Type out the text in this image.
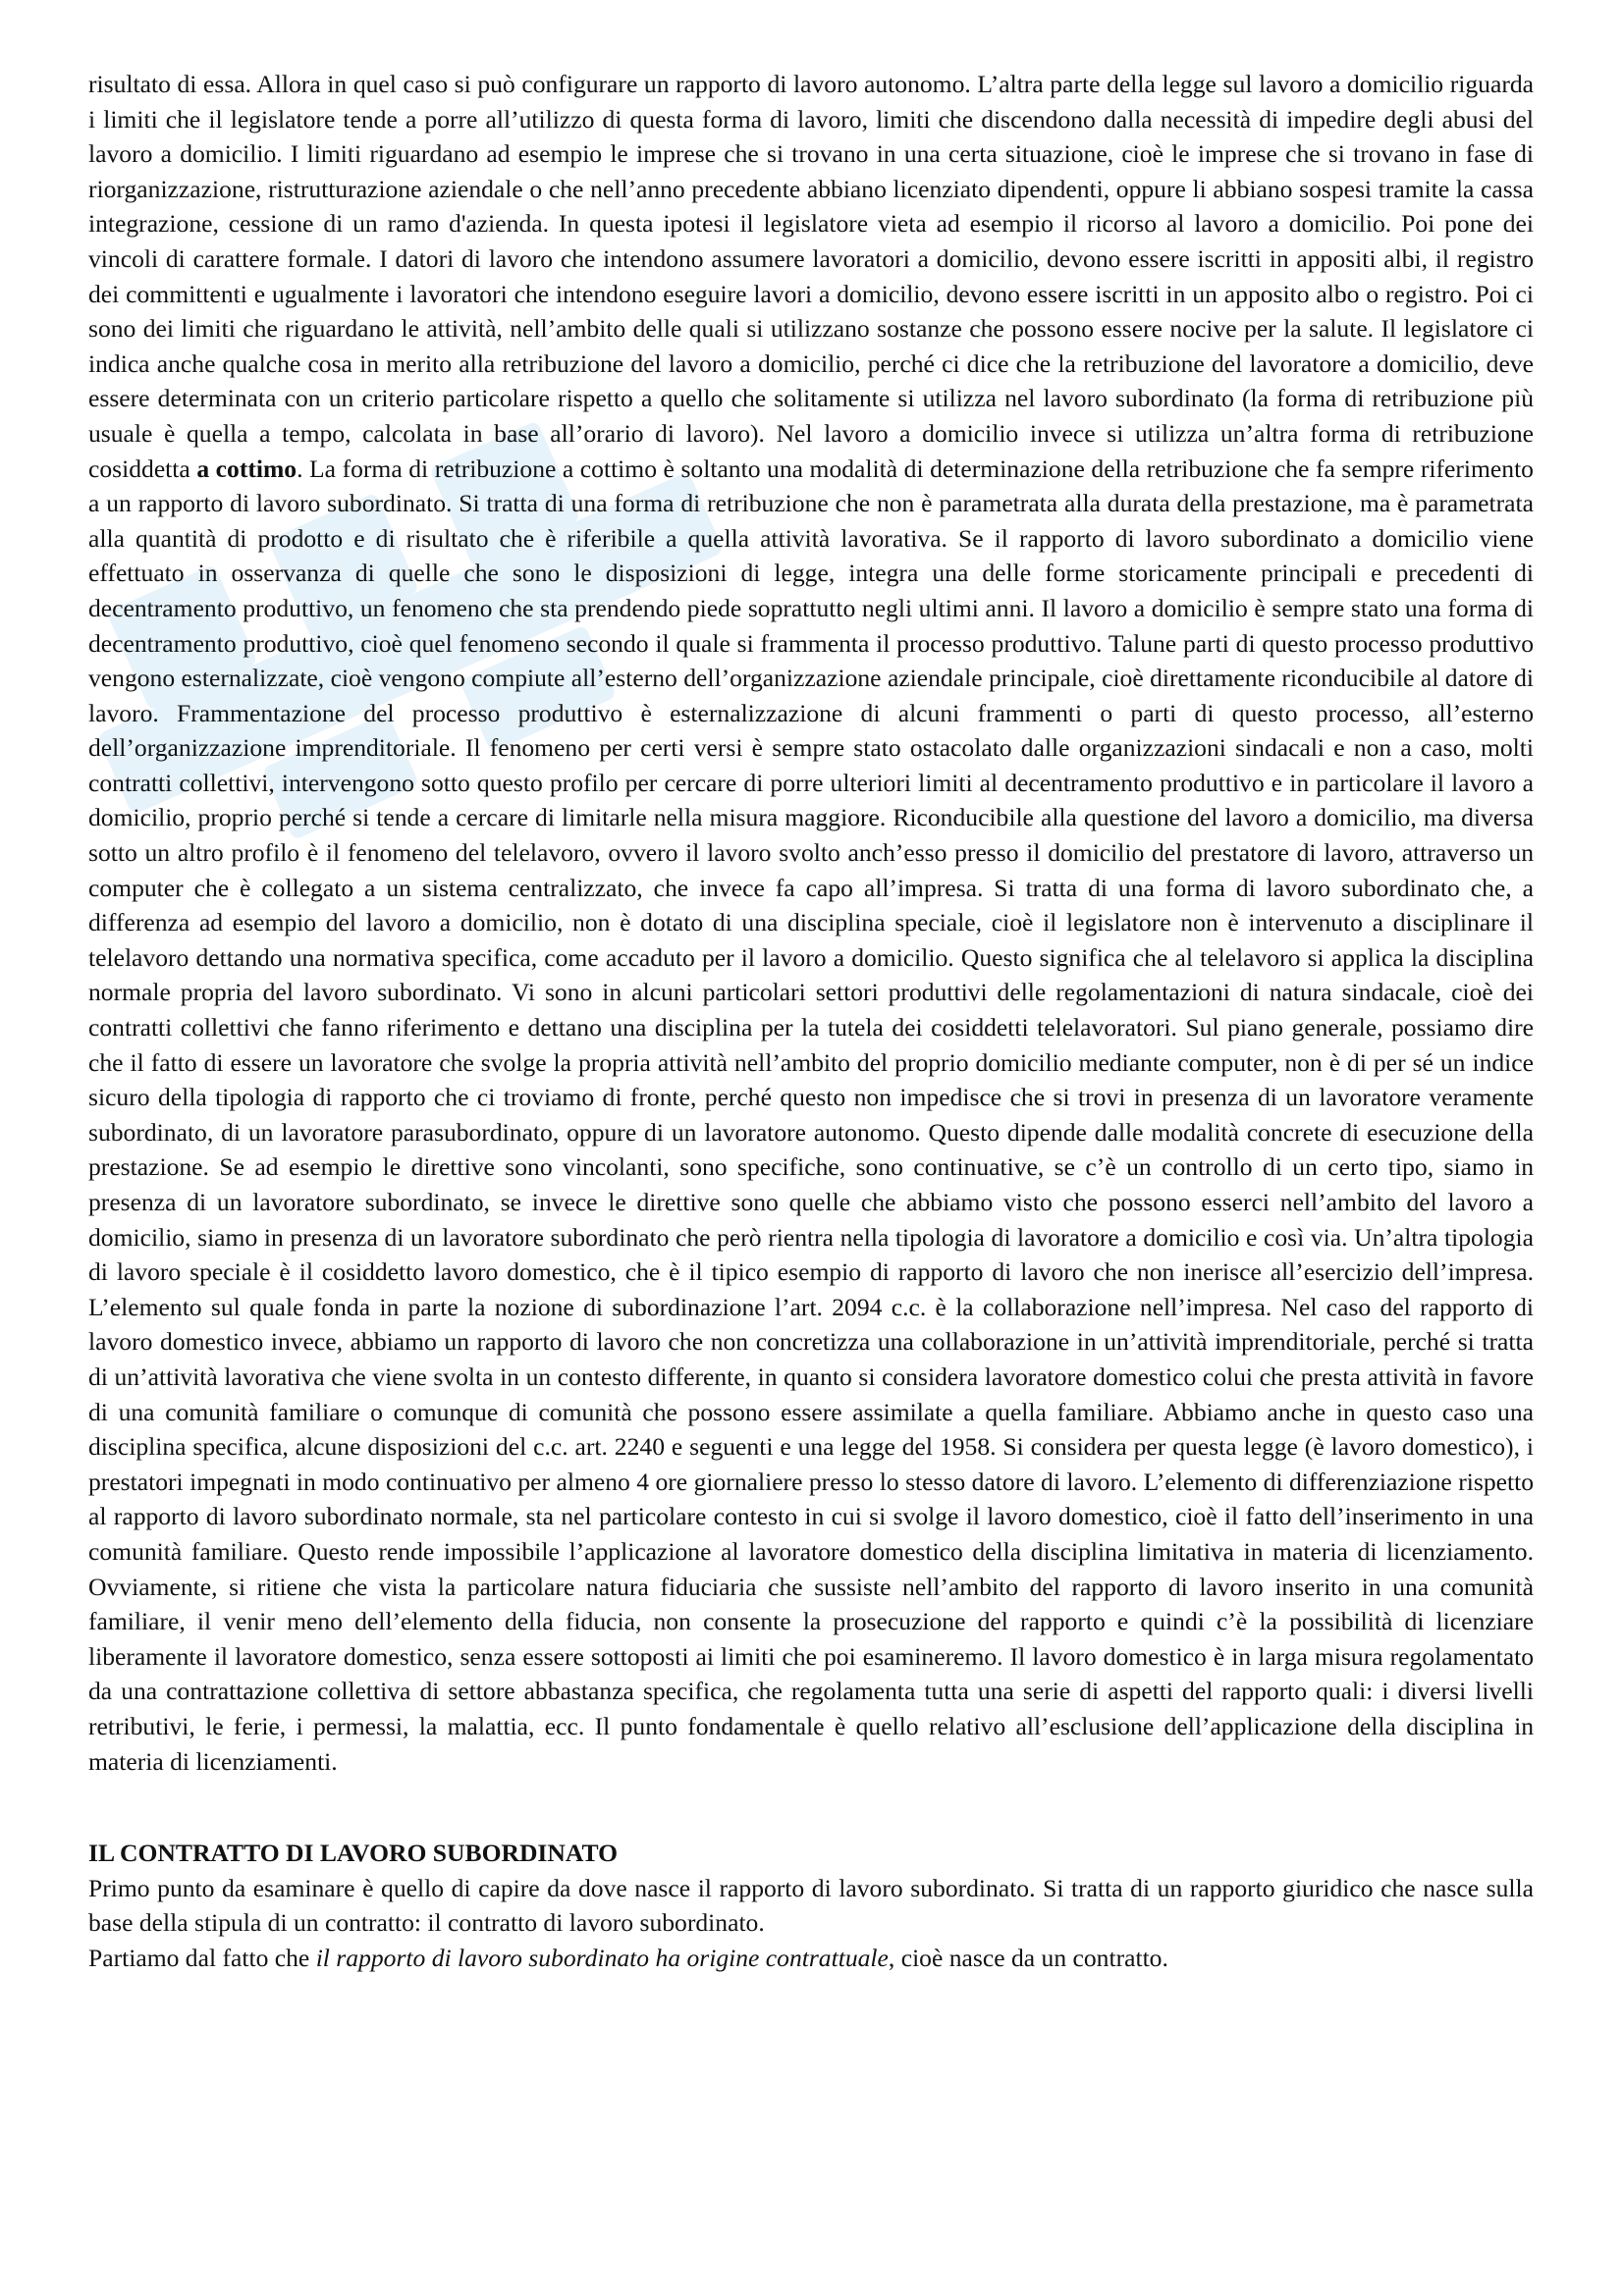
risultato di essa. Allora in quel caso si può configurare un rapporto di lavoro autonomo. L’altra parte della legge sul lavoro a domicilio riguarda i limiti che il legislatore tende a porre all’utilizzo di questa forma di lavoro, limiti che discendono dalla necessità di impedire degli abusi del lavoro a domicilio. I limiti riguardano ad esempio le imprese che si trovano in una certa situazione, cioè le imprese che si trovano in fase di riorganizzazione, ristrutturazione aziendale o che nell’anno precedente abbiano licenziato dipendenti, oppure li abbiano sospesi tramite la cassa integrazione, cessione di un ramo d'azienda. In questa ipotesi il legislatore vieta ad esempio il ricorso al lavoro a domicilio. Poi pone dei vincoli di carattere formale. I datori di lavoro che intendono assumere lavoratori a domicilio, devono essere iscritti in appositi albi, il registro dei committenti e ugualmente i lavoratori che intendono eseguire lavori a domicilio, devono essere iscritti in un apposito albo o registro. Poi ci sono dei limiti che riguardano le attività, nell’ambito delle quali si utilizzano sostanze che possono essere nocive per la salute. Il legislatore ci indica anche qualche cosa in merito alla retribuzione del lavoro a domicilio, perché ci dice che la retribuzione del lavoratore a domicilio, deve essere determinata con un criterio particolare rispetto a quello che solitamente si utilizza nel lavoro subordinato (la forma di retribuzione più usuale è quella a tempo, calcolata in base all’orario di lavoro). Nel lavoro a domicilio invece si utilizza un’altra forma di retribuzione cosiddetta a cottimo. La forma di retribuzione a cottimo è soltanto una modalità di determinazione della retribuzione che fa sempre riferimento a un rapporto di lavoro subordinato. Si tratta di una forma di retribuzione che non è parametrata alla durata della prestazione, ma è parametrata alla quantità di prodotto e di risultato che è riferibile a quella attività lavorativa. Se il rapporto di lavoro subordinato a domicilio viene effettuato in osservanza di quelle che sono le disposizioni di legge, integra una delle forme storicamente principali e precedenti di decentramento produttivo, un fenomeno che sta prendendo piede soprattutto negli ultimi anni. Il lavoro a domicilio è sempre stato una forma di decentramento produttivo, cioè quel fenomeno secondo il quale si frammenta il processo produttivo. Talune parti di questo processo produttivo vengono esternalizzate, cioè vengono compiute all’esterno dell’organizzazione aziendale principale, cioè direttamente riconducibile al datore di lavoro. Frammentazione del processo produttivo è esternalizzazione di alcuni frammenti o parti di questo processo, all’esterno dell’organizzazione imprenditoriale. Il fenomeno per certi versi è sempre stato ostacolato dalle organizzazioni sindacali e non a caso, molti contratti collettivi, intervengono sotto questo profilo per cercare di porre ulteriori limiti al decentramento produttivo e in particolare il lavoro a domicilio, proprio perché si tende a cercare di limitarle nella misura maggiore. Riconducibile alla questione del lavoro a domicilio, ma diversa sotto un altro profilo è il fenomeno del telelavoro, ovvero il lavoro svolto anch’esso presso il domicilio del prestatore di lavoro, attraverso un computer che è collegato a un sistema centralizzato, che invece fa capo all’impresa. Si tratta di una forma di lavoro subordinato che, a differenza ad esempio del lavoro a domicilio, non è dotato di una disciplina speciale, cioè il legislatore non è intervenuto a disciplinare il telelavoro dettando una normativa specifica, come accaduto per il lavoro a domicilio. Questo significa che al telelavoro si applica la disciplina normale propria del lavoro subordinato. Vi sono in alcuni particolari settori produttivi delle regolamentazioni di natura sindacale, cioè dei contratti collettivi che fanno riferimento e dettano una disciplina per la tutela dei cosiddetti telelavoratori. Sul piano generale, possiamo dire che il fatto di essere un lavoratore che svolge la propria attività nell’ambito del proprio domicilio mediante computer, non è di per sé un indice sicuro della tipologia di rapporto che ci troviamo di fronte, perché questo non impedisce che si trovi in presenza di un lavoratore veramente subordinato, di un lavoratore parasubordinato, oppure di un lavoratore autonomo. Questo dipende dalle modalità concrete di esecuzione della prestazione. Se ad esempio le direttive sono vincolanti, sono specifiche, sono continuative, se c’è un controllo di un certo tipo, siamo in presenza di un lavoratore subordinato, se invece le direttive sono quelle che abbiamo visto che possono esserci nell’ambito del lavoro a domicilio, siamo in presenza di un lavoratore subordinato che però rientra nella tipologia di lavoratore a domicilio e così via. Un’altra tipologia di lavoro speciale è il cosiddetto lavoro domestico, che è il tipico esempio di rapporto di lavoro che non inerisce all’esercizio dell’impresa. L’elemento sul quale fonda in parte la nozione di subordinazione l’art. 2094 c.c. è la collaborazione nell’impresa. Nel caso del rapporto di lavoro domestico invece, abbiamo un rapporto di lavoro che non concretizza una collaborazione in un’attività imprenditoriale, perché si tratta di un’attività lavorativa che viene svolta in un contesto differente, in quanto si considera lavoratore domestico colui che presta attività in favore di una comunità familiare o comunque di comunità che possono essere assimilate a quella familiare. Abbiamo anche in questo caso una disciplina specifica, alcune disposizioni del c.c. art. 2240 e seguenti e una legge del 1958. Si considera per questa legge (è lavoro domestico), i prestatori impegnati in modo continuativo per almeno 4 ore giornaliere presso lo stesso datore di lavoro. L’elemento di differenziazione rispetto al rapporto di lavoro subordinato normale, sta nel particolare contesto in cui si svolge il lavoro domestico, cioè il fatto dell’inserimento in una comunità familiare. Questo rende impossibile l’applicazione al lavoratore domestico della disciplina limitativa in materia di licenziamento. Ovviamente, si ritiene che vista la particolare natura fiduciaria che sussiste nell’ambito del rapporto di lavoro inserito in una comunità familiare, il venir meno dell’elemento della fiducia, non consente la prosecuzione del rapporto e quindi c’è la possibilità di licenziare liberamente il lavoratore domestico, senza essere sottoposti ai limiti che poi esamineremo. Il lavoro domestico è in larga misura regolamentato da una contrattazione collettiva di settore abbastanza specifica, che regolamenta tutta una serie di aspetti del rapporto quali: i diversi livelli retributivi, le ferie, i permessi, la malattia, ecc. Il punto fondamentale è quello relativo all’esclusione dell’applicazione della disciplina in materia di licenziamenti.

IL CONTRATTO DI LAVORO SUBORDINATO

Primo punto da esaminare è quello di capire da dove nasce il rapporto di lavoro subordinato. Si tratta di un rapporto giuridico che nasce sulla base della stipula di un contratto: il contratto di lavoro subordinato.

Partiamo dal fatto che il rapporto di lavoro subordinato ha origine contrattuale, cioè nasce da un contratto.
